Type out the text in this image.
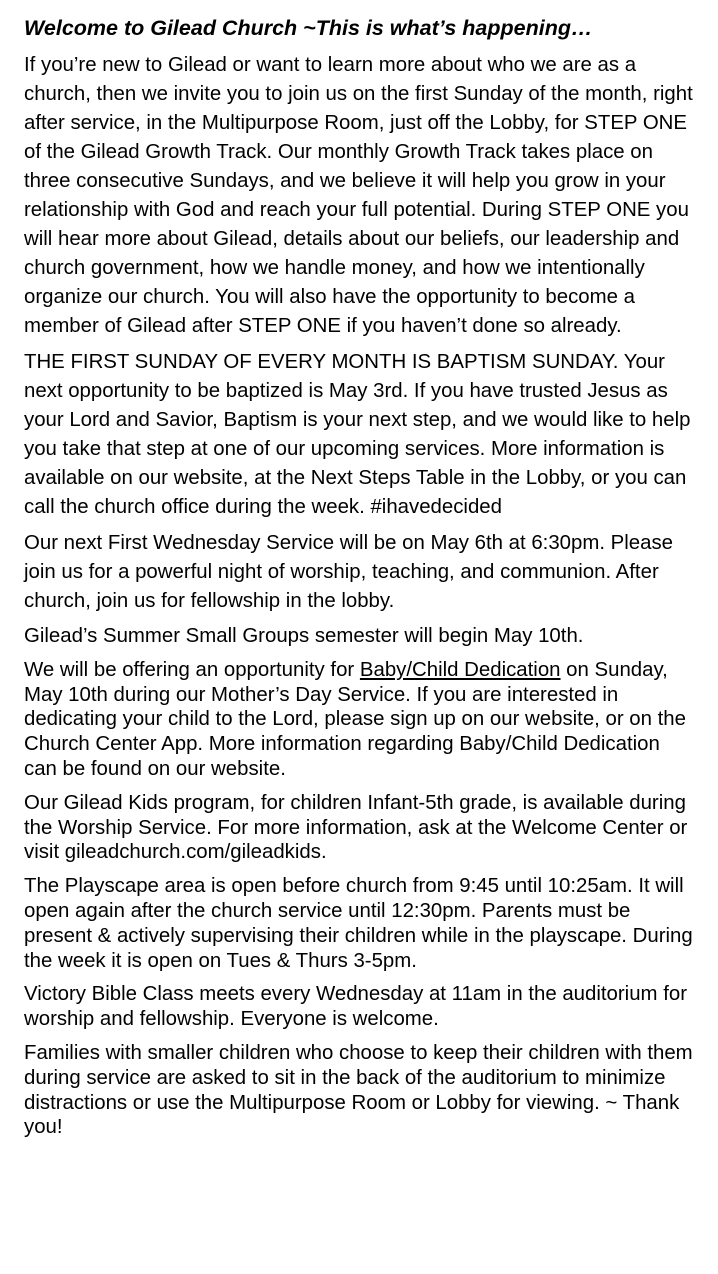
Welcome to Gilead Church ~This is what’s happening…

If you’re new to Gilead or want to learn more about who we are as a church, then we invite you to join us on the first Sunday of the month, right after service, in the Multipurpose Room, just off the Lobby, for STEP ONE of the Gilead Growth Track. Our monthly Growth Track takes place on three consecutive Sundays, and we believe it will help you grow in your relationship with God and reach your full potential. During STEP ONE you will hear more about Gilead, details about our beliefs, our leadership and church government, how we handle money, and how we intentionally organize our church. You will also have the opportunity to become a member of Gilead after STEP ONE if you haven’t done so already.

THE FIRST SUNDAY OF EVERY MONTH IS BAPTISM SUNDAY. Your next opportunity to be baptized is May 3rd. If you have trusted Jesus as your Lord and Savior, Baptism is your next step, and we would like to help you take that step at one of our upcoming services. More information is available on our website, at the Next Steps Table in the Lobby, or you can call the church office during the week. #ihavedecided

Our next First Wednesday Service will be on May 6th at 6:30pm. Please join us for a powerful night of worship, teaching, and communion. After church, join us for fellowship in the lobby.

Gilead’s Summer Small Groups semester will begin May 10th.

We will be offering an opportunity for Baby/Child Dedication on Sunday, May 10th during our Mother’s Day Service. If you are interested in dedicating your child to the Lord, please sign up on our website, or on the Church Center App. More information regarding Baby/Child Dedication can be found on our website.

Our Gilead Kids program, for children Infant-5th grade, is available during the Worship Service. For more information, ask at the Welcome Center or visit gileadchurch.com/gileadkids.

The Playscape area is open before church from 9:45 until 10:25am. It will open again after the church service until 12:30pm. Parents must be present & actively supervising their children while in the playscape. During the week it is open on Tues & Thurs 3-5pm.

Victory Bible Class meets every Wednesday at 11am in the auditorium for worship and fellowship. Everyone is welcome.

Families with smaller children who choose to keep their children with them during service are asked to sit in the back of the auditorium to minimize distractions or use the Multipurpose Room or Lobby for viewing. ~ Thank you!
